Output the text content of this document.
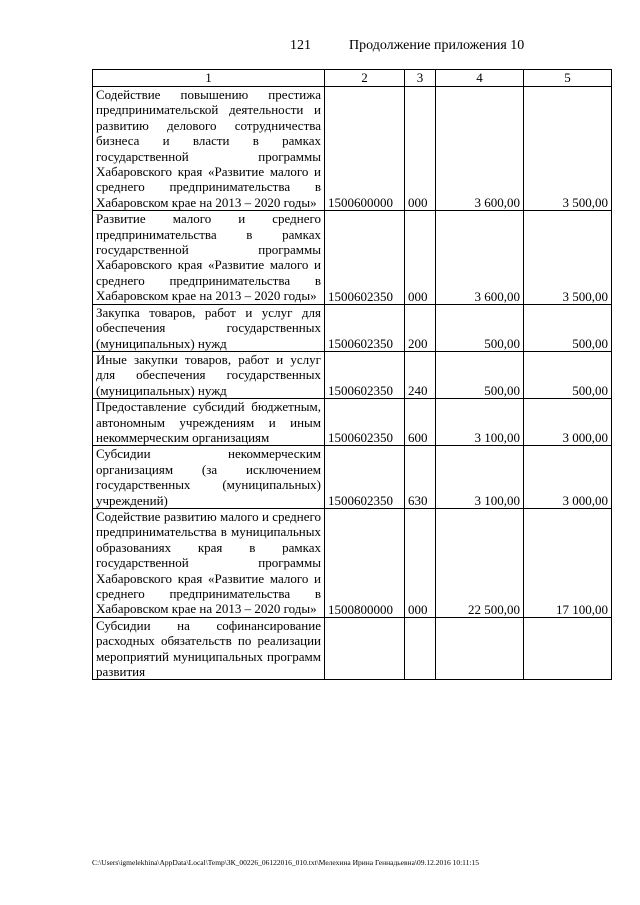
121	Продолжение приложения 10
1	2	3	4	5
Содействие повышению престижа предпринимательской деятельности и развитию делового сотрудничества бизнеса и власти в рамках государственной программы Хабаровского края «Развитие малого и среднего предпринимательства в Хабаровском крае на 2013 – 2020 годы»	1500600000	000	3 600,00	3 500,00
Развитие малого и среднего предпринимательства в рамках государственной программы Хабаровского края «Развитие малого и среднего предпринимательства в Хабаровском крае на 2013 – 2020 годы»	1500602350	000	3 600,00	3 500,00
Закупка товаров, работ и услуг для обеспечения государственных (муниципальных) нужд	1500602350	200	500,00	500,00
Иные закупки товаров, работ и услуг для обеспечения государственных (муниципальных) нужд	1500602350	240	500,00	500,00
Предоставление субсидий бюджетным, автономным учреждениям и иным некоммерческим организациям	1500602350	600	3 100,00	3 000,00
Субсидии некоммерческим организациям (за исключением государственных (муниципальных) учреждений)	1500602350	630	3 100,00	3 000,00
Содействие развитию малого и среднего предпринимательства в муниципальных образованиях края в рамках государственной программы Хабаровского края «Развитие малого и среднего предпринимательства в Хабаровском крае на 2013 – 2020 годы»	1500800000	000	22 500,00	17 100,00
Субсидии на софинансирование расходных обязательств по реализации мероприятий муниципальных программ развития				
C:\Users\igmelekhina\AppData\Local\Temp\ЗК_00226_06122016_010.txt\Мелехина Ирина Геннадьевна\09.12.2016 10:11:15
